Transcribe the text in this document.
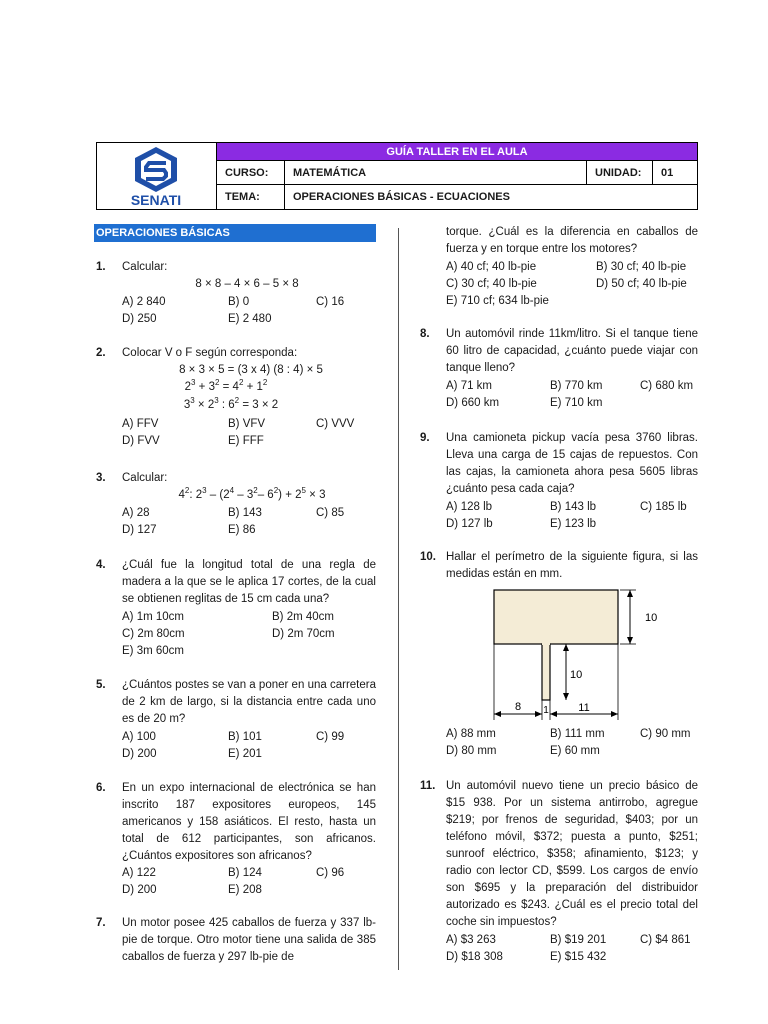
SENATI
GUÍA TALLER EN EL AULA
CURSO:	MATEMÁTICA	UNIDAD:	01
TEMA:	OPERACIONES BÁSICAS - ECUACIONES
OPERACIONES BÁSICAS
1. Calcular:
8 × 8 – 4 × 6 – 5 × 8
A) 2 840	B) 0	C) 16
D) 250	E) 2 480
2. Colocar V o F según corresponda:
8 × 3 × 5 = (3 x 4) (8 : 4) × 5
$2^3 + 3^2 = 4^2 + 1^2$
$3^3 \times 2^3$ : $6^2 = 3 \times 2$
A) FFV	B) VFV	C) VVV
D) FVV	E) FFF
3. Calcular:
$4^2$: $2^3 - (2^4 - 3^2-$ $6^2) + 2^5 \times 3$
A) 28	B) 143	C) 85
D) 127	E) 86
4. ¿Cuál fue la longitud total de una regla de madera a la que se le aplica 17 cortes, de la cual se obtienen reglitas de 15 cm cada una?
A) 1m 10cm	B) 2m 40cm
C) 2m 80cm	D) 2m 70cm
E) 3m 60cm
5. ¿Cuántos postes se van a poner en una carretera de 2 km de largo, si la distancia entre cada uno es de 20 m?
A) 100	B) 101	C) 99
D) 200	E) 201
6. En un expo internacional de electrónica se han inscrito 187 expositores europeos, 145 americanos y 158 asiáticos. El resto, hasta un total de 612 participantes, son africanos. ¿Cuántos expositores son africanos?
A) 122	B) 124	C) 96
D) 200	E) 208
7. Un motor posee 425 caballos de fuerza y 337 lb-pie de torque. Otro motor tiene una salida de 385 caballos de fuerza y 297 lb-pie de
torque. ¿Cuál es la diferencia en caballos de fuerza y en torque entre los motores?
A) 40 cf; 40 lb-pie	B) 30 cf; 40 lb-pie
C) 30 cf; 40 lb-pie	D) 50 cf; 40 lb-pie
E) 710 cf; 634 lb-pie
8. Un automóvil rinde 11km/litro. Si el tanque tiene 60 litro de capacidad, ¿cuánto puede viajar con tanque lleno?
A) 71 km	B) 770 km	C) 680 km
D) 660 km	E) 710 km
9. Una camioneta pickup vacía pesa 3760 libras. Lleva una carga de 15 cajas de repuestos. Con las cajas, la camioneta ahora pesa 5605 libras ¿cuánto pesa cada caja?
A) 128 lb	B) 143 lb	C) 185 lb
D) 127 lb	E) 123 lb
10. Hallar el perímetro de la siguiente figura, si las medidas están en mm.
10
10
8 1	11
A) 88 mm	B) 111 mm	C) 90 mm
D) 80 mm	E) 60 mm
11. Un automóvil nuevo tiene un precio básico de $15 938. Por un sistema antirrobo, agregue $219; por frenos de seguridad, $403; por un teléfono móvil, $372; puesta a punto, $251; sunroof eléctrico, $358; afinamiento, $123; y radio con lector CD, $599. Los cargos de envío son $695 y la preparación del distribuidor autorizado es $243. ¿Cuál es el precio total del coche sin impuestos?
A) $3 263	B) $19 201	C) $4 861
D) $18 308	E) $15 432
